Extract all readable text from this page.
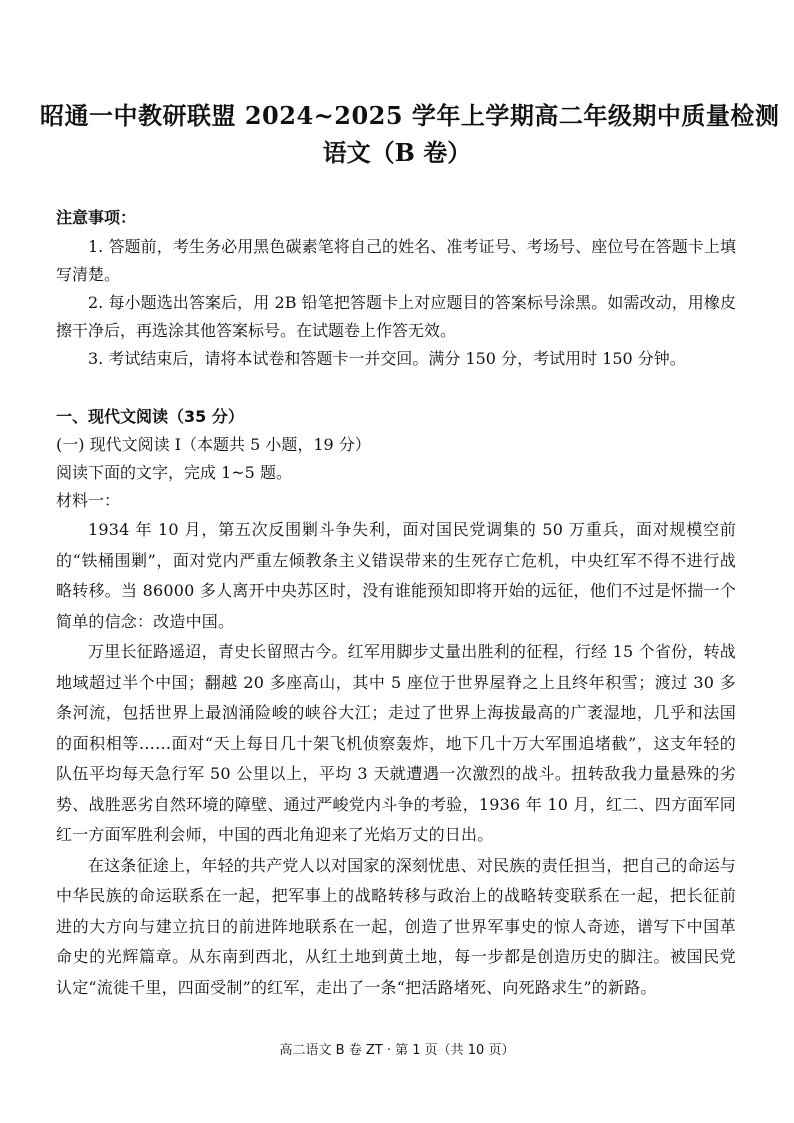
昭通一中教研联盟 2024~2025 学年上学期高二年级期中质量检测
语文（B 卷）
注意事项：

1. 答题前，考生务必用黑色碳素笔将自己的姓名、准考证号、考场号、座位号在答题卡上填写清楚。

2. 每小题选出答案后，用 2B 铅笔把答题卡上对应题目的答案标号涂黑。如需改动，用橡皮擦干净后，再选涂其他答案标号。在试题卷上作答无效。

3. 考试结束后，请将本试卷和答题卡一并交回。满分 150 分，考试用时 150 分钟。

一、现代文阅读（35 分）

(一) 现代文阅读 I（本题共 5 小题，19 分）

阅读下面的文字，完成 1~5 题。

材料一：

1934 年 10 月，第五次反围剿斗争失利，面对国民党调集的 50 万重兵，面对规模空前的“铁桶围剿”，面对党内严重左倾教条主义错误带来的生死存亡危机，中央红军不得不进行战略转移。当 86000 多人离开中央苏区时，没有谁能预知即将开始的远征，他们不过是怀揣一个简单的信念：改造中国。

万里长征路遥迢，青史长留照古今。红军用脚步丈量出胜利的征程，行经 15 个省份，转战地域超过半个中国；翻越 20 多座高山，其中 5 座位于世界屋脊之上且终年积雪；渡过 30 多条河流，包括世界上最汹涌险峻的峡谷大江；走过了世界上海拔最高的广袤湿地，几乎和法国的面积相等……面对“天上每日几十架飞机侦察轰炸，地下几十万大军围追堵截”，这支年轻的队伍平均每天急行军 50 公里以上，平均 3 天就遭遇一次激烈的战斗。扭转敌我力量悬殊的劣势、战胜恶劣自然环境的障壁、通过严峻党内斗争的考验，1936 年 10 月，红二、四方面军同红一方面军胜利会师，中国的西北角迎来了光焰万丈的日出。

在这条征途上，年轻的共产党人以对国家的深刻忧患、对民族的责任担当，把自己的命运与中华民族的命运联系在一起，把军事上的战略转移与政治上的战略转变联系在一起，把长征前进的大方向与建立抗日的前进阵地联系在一起，创造了世界军事史的惊人奇迹，谱写下中国革命史的光辉篇章。从东南到西北，从红土地到黄土地，每一步都是创造历史的脚注。被国民党认定“流徙千里，四面受制”的红军，走出了一条“把活路堵死、向死路求生”的新路。

高二语文 B 卷 ZT · 第 1 页（共 10 页）
